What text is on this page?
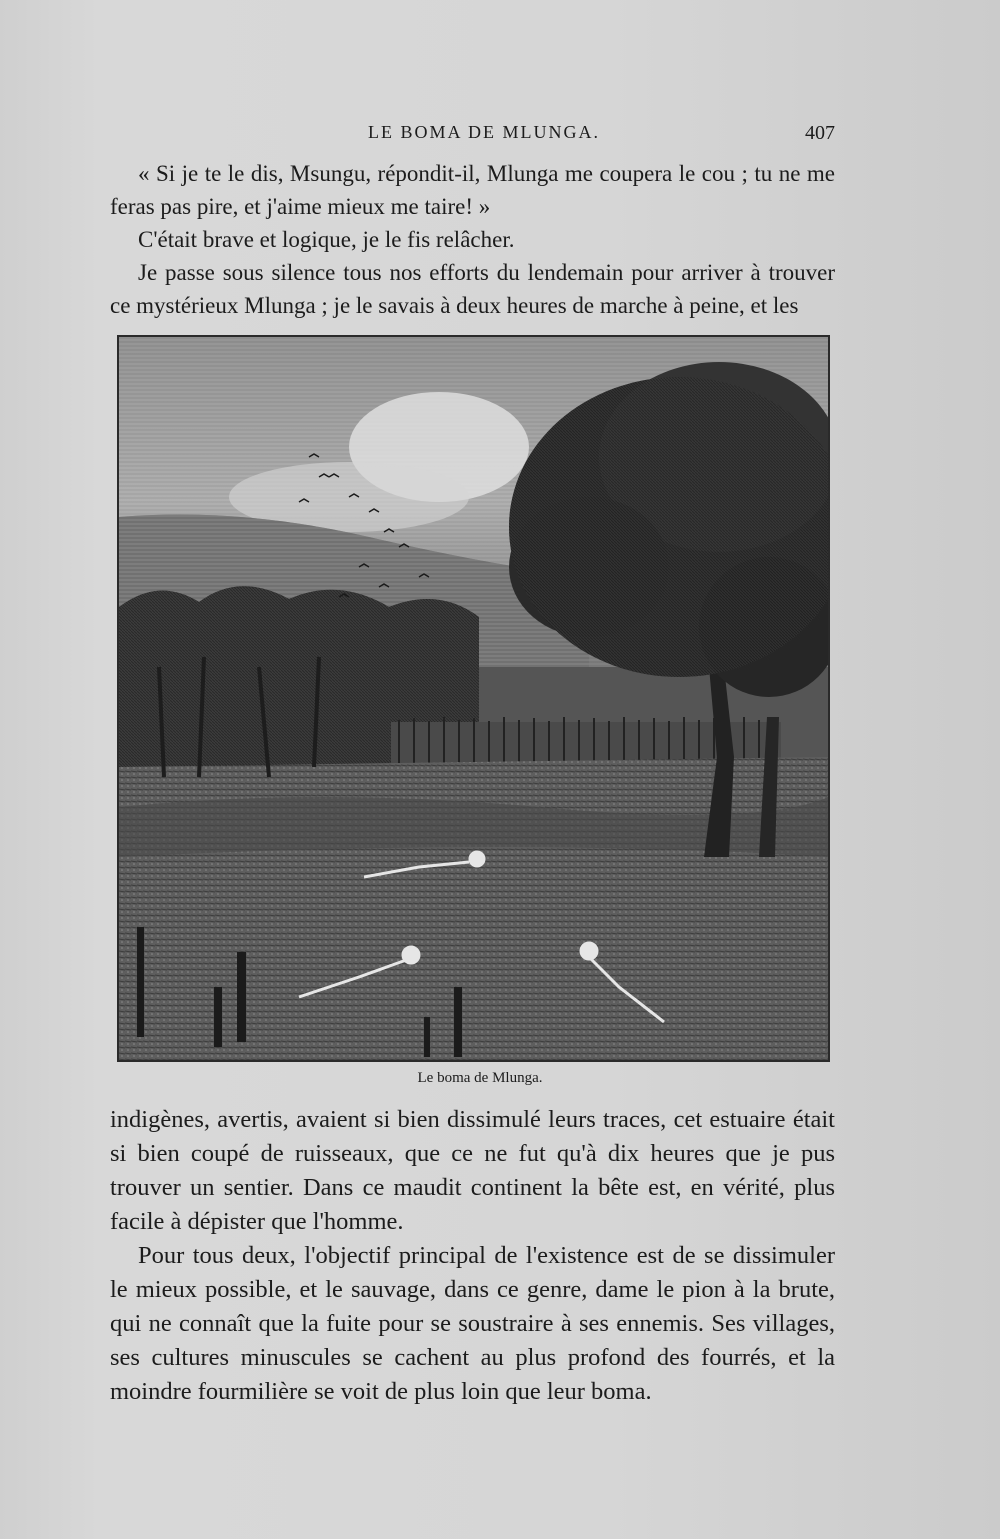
LE BOMA DE MLUNGA.	407

« Si je te le dis, Msungu, répondit-il, Mlunga me coupera le cou ; tu ne me feras pas pire, et j'aime mieux me taire! »

C'était brave et logique, je le fis relâcher.

Je passe sous silence tous nos efforts du lendemain pour arriver à trouver ce mystérieux Mlunga ; je le savais à deux heures de marche à peine, et les

Le boma de Mlunga.

indigènes, avertis, avaient si bien dissimulé leurs traces, cet estuaire était si bien coupé de ruisseaux, que ce ne fut qu'à dix heures que je pus trouver un sentier. Dans ce maudit continent la bête est, en vérité, plus facile à dépister que l'homme.

Pour tous deux, l'objectif principal de l'existence est de se dissimuler le mieux possible, et le sauvage, dans ce genre, dame le pion à la brute, qui ne connaît que la fuite pour se soustraire à ses ennemis. Ses villages, ses cultures minuscules se cachent au plus profond des fourrés, et la moindre fourmilière se voit de plus loin que leur boma.
